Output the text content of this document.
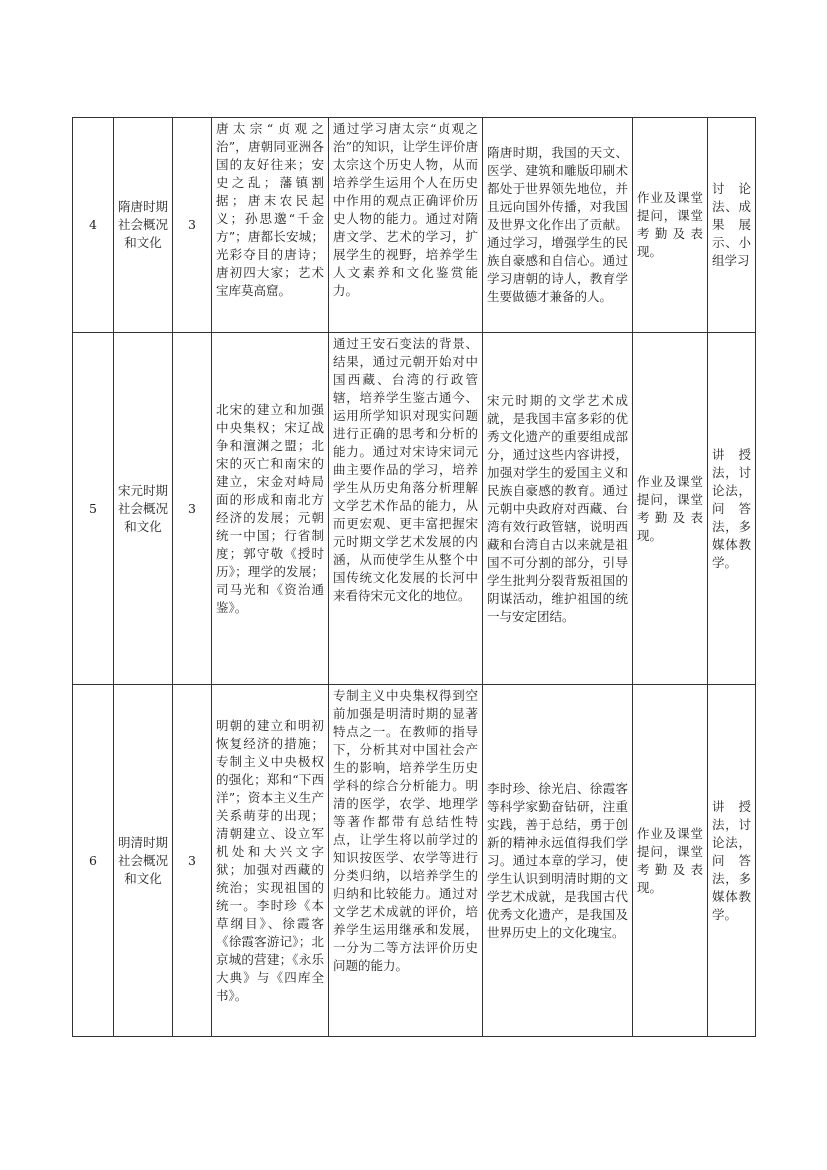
4	隋唐时期社会概况和文化	3	唐太宗“贞观之治”，唐朝同亚洲各国的友好往来；安史之乱；藩镇割据；唐末农民起义；孙思邈“千金方”；唐都长安城；光彩夺目的唐诗；唐初四大家；艺术宝库莫高窟。	通过学习唐太宗“贞观之治”的知识，让学生评价唐太宗这个历史人物，从而培养学生运用个人在历史中作用的观点正确评价历史人物的能力。通过对隋唐文学、艺术的学习，扩展学生的视野，培养学生人文素养和文化鉴赏能力。	隋唐时期，我国的天文、医学、建筑和雕版印刷术都处于世界领先地位，并且远向国外传播，对我国及世界文化作出了贡献。通过学习，增强学生的民族自豪感和自信心。通过学习唐朝的诗人，教育学生要做德才兼备的人。	作业及课堂提问，课堂考勤及表现。	讨论法、成果展示、小组学习
5	宋元时期社会概况和文化	3	北宋的建立和加强中央集权；宋辽战争和澶渊之盟；北宋的灭亡和南宋的建立，宋金对峙局面的形成和南北方经济的发展；元朝统一中国；行省制度；郭守敬《授时历》；理学的发展；司马光和《资治通鉴》。	通过王安石变法的背景、结果，通过元朝开始对中国西藏、台湾的行政管辖，培养学生鉴古通今、运用所学知识对现实问题进行正确的思考和分析的能力。通过对宋诗宋词元曲主要作品的学习，培养学生从历史角落分析理解文学艺术作品的能力，从而更宏观、更丰富把握宋元时期文学艺术发展的内涵，从而使学生从整个中国传统文化发展的长河中来看待宋元文化的地位。	宋元时期的文学艺术成就，是我国丰富多彩的优秀文化遗产的重要组成部分，通过这些内容讲授，加强对学生的爱国主义和民族自豪感的教育。通过元朝中央政府对西藏、台湾有效行政管辖，说明西藏和台湾自古以来就是祖国不可分割的部分，引导学生批判分裂背叛祖国的阴谋活动，维护祖国的统一与安定团结。	作业及课堂提问，课堂考勤及表现。	讲授法，讨论法，问答法，多媒体教学。
6	明清时期社会概况和文化	3	明朝的建立和明初恢复经济的措施；专制主义中央极权的强化；郑和“下西洋”；资本主义生产关系萌芽的出现；清朝建立、设立军机处和大兴文字狱；加强对西藏的统治；实现祖国的统一。李时珍《本草纲目》、徐霞客《徐霞客游记》；北京城的营建；《永乐大典》与《四库全书》。	专制主义中央集权得到空前加强是明清时期的显著特点之一。在教师的指导下，分析其对中国社会产生的影响，培养学生历史学科的综合分析能力。明清的医学，农学、地理学等著作都带有总结性特点，让学生将以前学过的知识按医学、农学等进行分类归纳，以培养学生的归纳和比较能力。通过对文学艺术成就的评价，培养学生运用继承和发展，一分为二等方法评价历史问题的能力。	李时珍、徐光启、徐霞客等科学家勤奋钻研，注重实践，善于总结，勇于创新的精神永远值得我们学习。通过本章的学习，使学生认识到明清时期的文学艺术成就，是我国古代优秀文化遗产，是我国及世界历史上的文化瑰宝。	作业及课堂提问，课堂考勤及表现。	讲授法，讨论法，问答法，多媒体教学。
